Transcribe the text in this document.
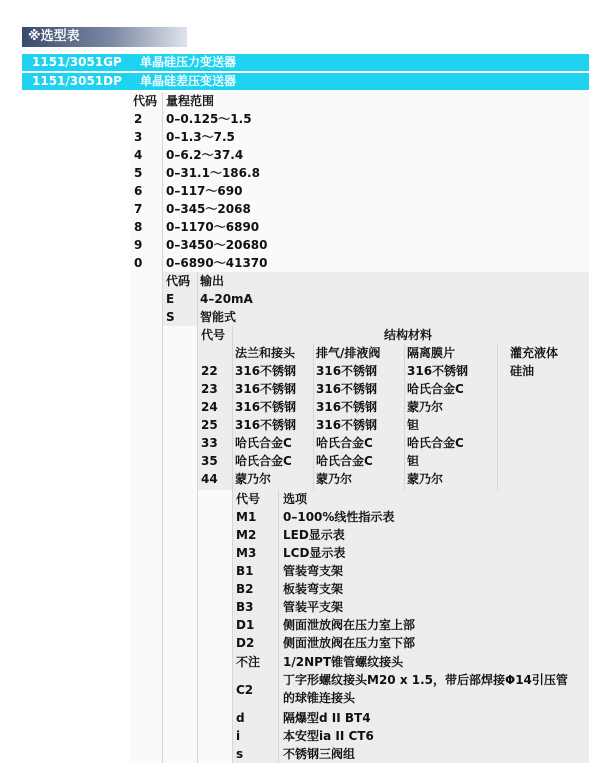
※选型表
1151/3051GP 单晶硅压力变送器
1151/3051DP 单晶硅差压变送器
代码 量程范围
2 0–0.125～1.5
3 0–1.3～7.5
4 0–6.2～37.4
5 0–31.1～186.8
6 0–117～690
7 0–345～2068
8 0–1170～6890
9 0–3450～20680
0 0–6890～41370
代码 输出
E 4–20mA
S 智能式
代号	结构材料
法兰和接头 排气/排液阀 隔离膜片	灌充液体
硅油
22 316不锈钢 316不锈钢 316不锈钢
23 316不锈钢 316不锈钢 哈氏合金C
24 316不锈钢 316不锈钢 蒙乃尔
25 316不锈钢 316不锈钢 钽
33 哈氏合金C 哈氏合金C	哈氏合金C
35 哈氏合金C 哈氏合金C	钽
44 蒙乃尔	蒙乃尔	蒙乃尔
代号 选项
M1 0–100%线性指示表
M2 LED显示表
M3 LCD显示表
B1 管装弯支架
B2 板装弯支架
B3 管装平支架
D1 侧面泄放阀在压力室上部
D2 侧面泄放阀在压力室下部
不注 1/2NPT锥管螺纹接头
C2
丁字形螺纹接头M20 x 1.5，带后部焊接Φ14引压管
的球锥连接头
d	隔爆型d II BT4
i	本安型ia II CT6
s	不锈钢三阀组
